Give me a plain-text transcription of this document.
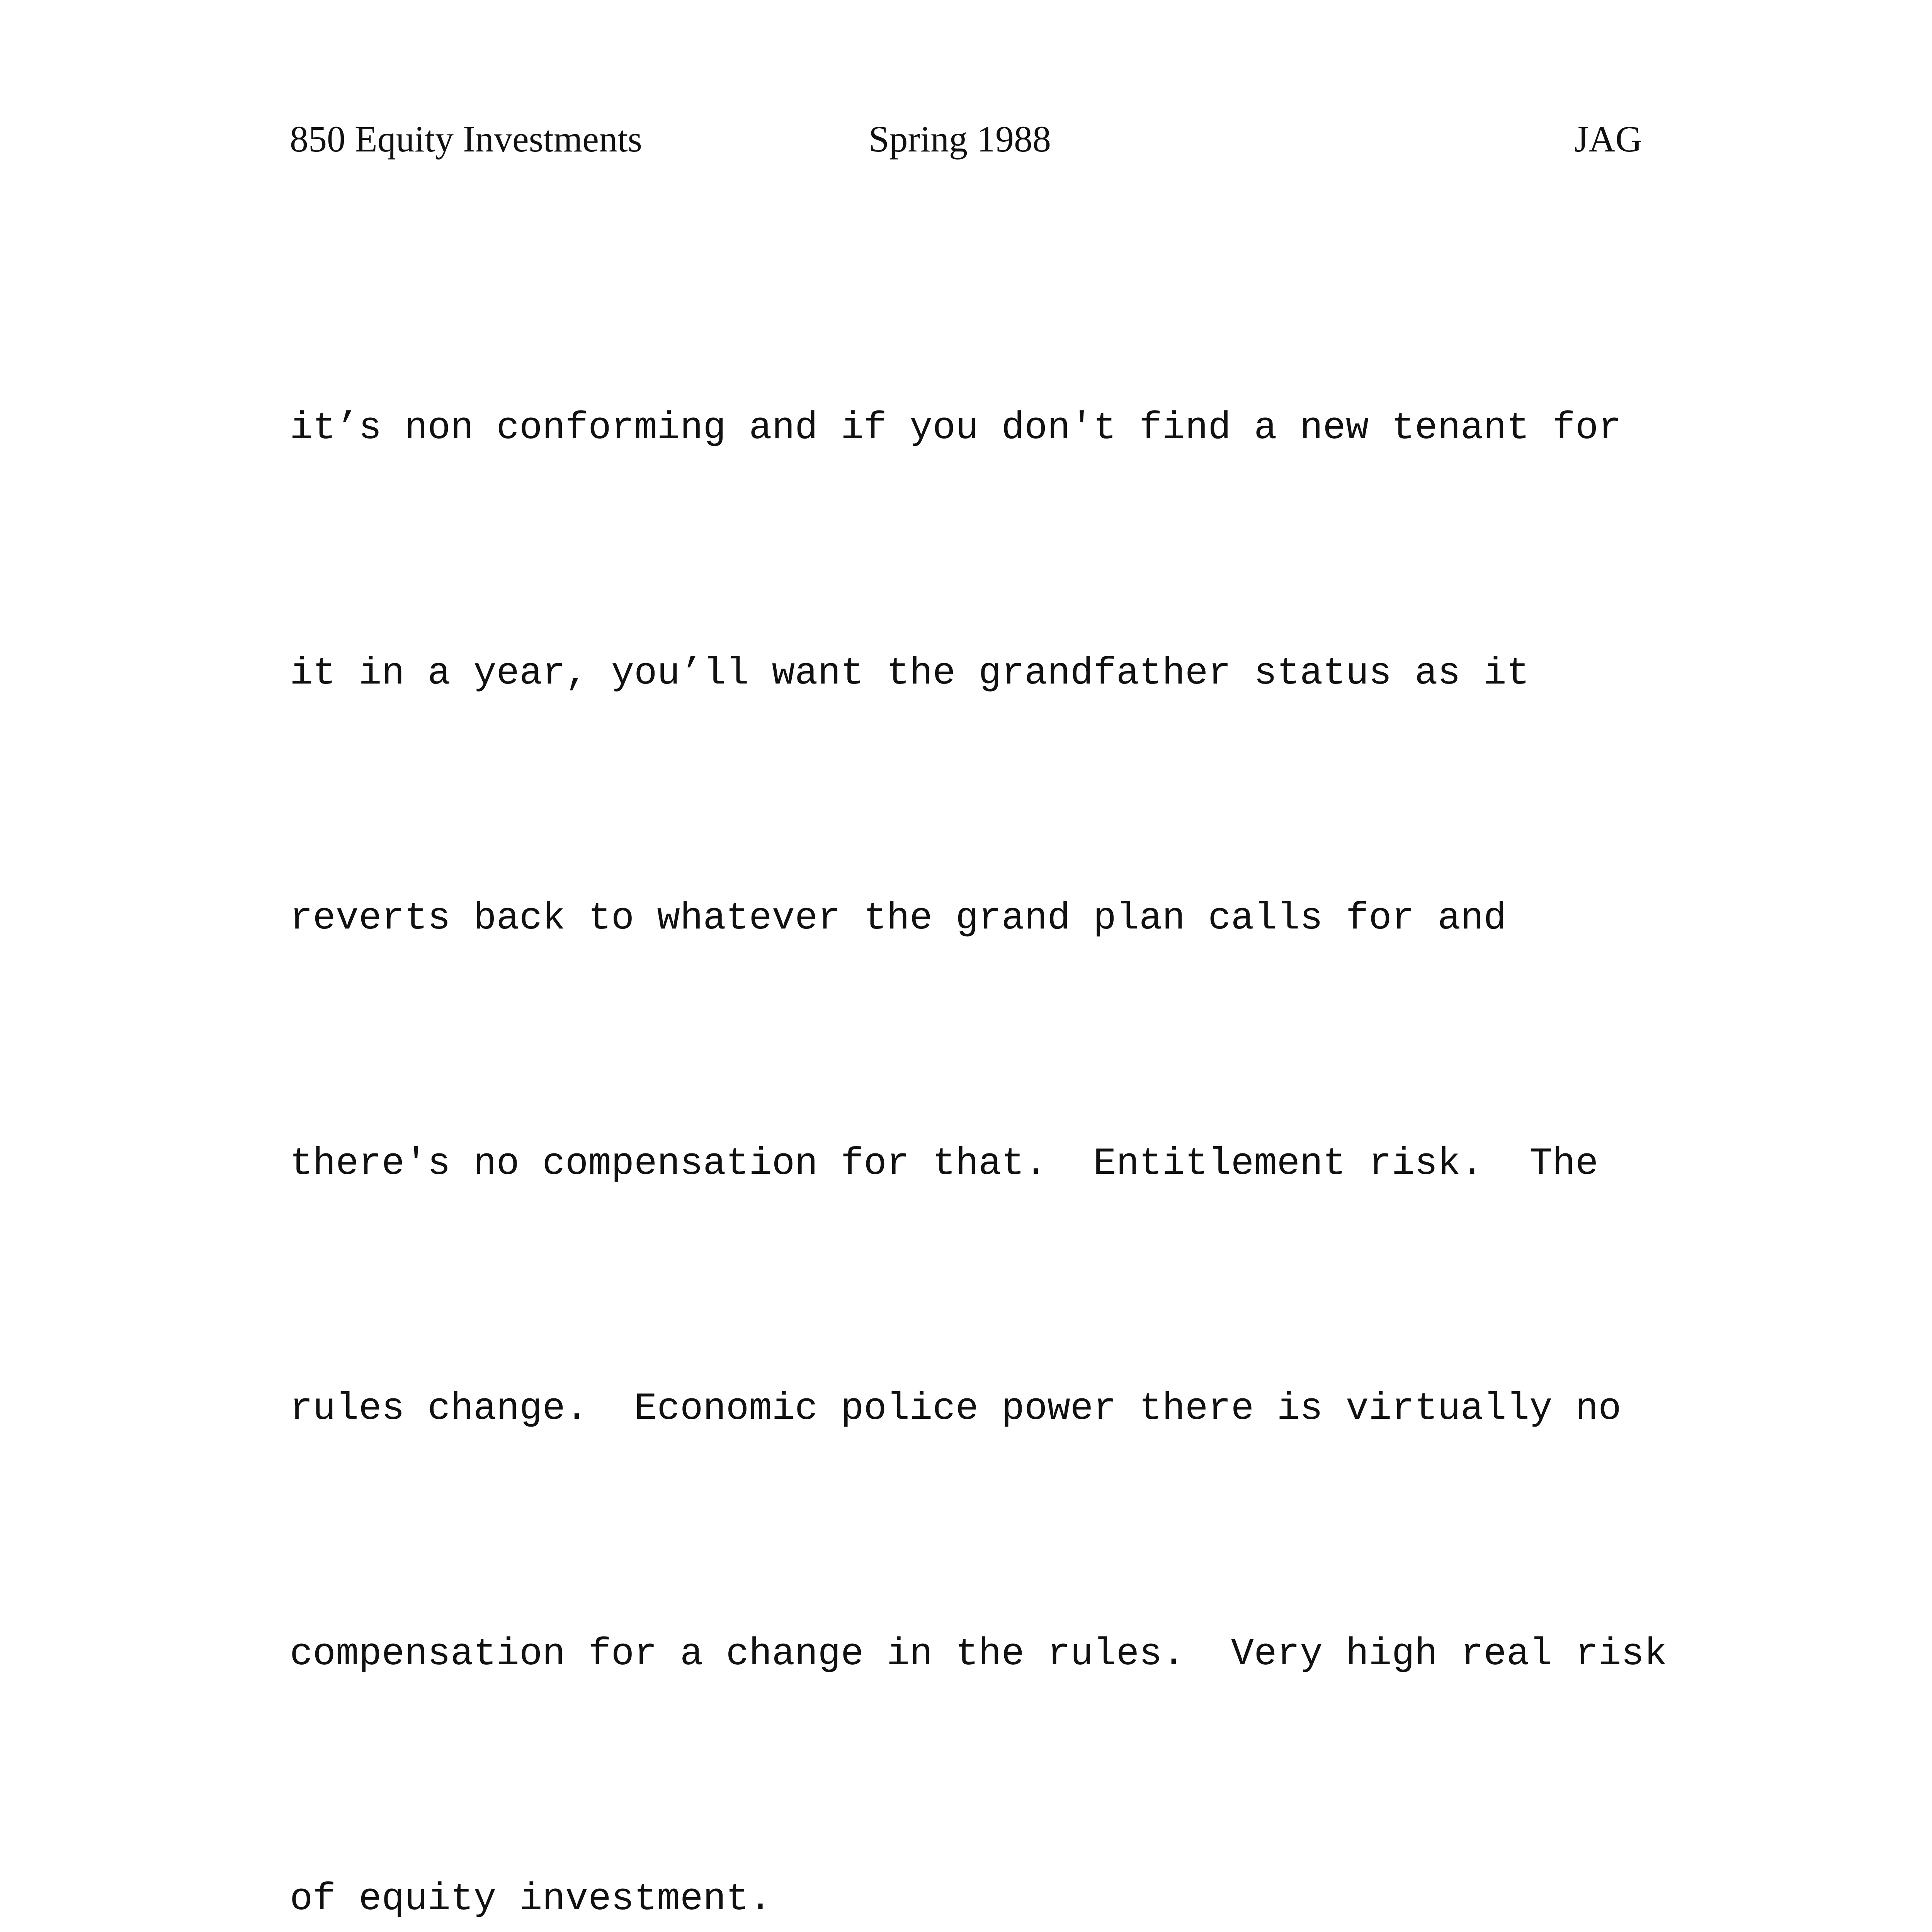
850 Equity Investments	Spring 1988	JAG

it’s non conforming and if you don't find a new tenant for

it in a year, you’ll want the grandfather status as it

reverts back to whatever the grand plan calls for and

there's no compensation for that.  Entitlement risk.  The

rules change.  Economic police power there is virtually no

compensation for a change in the rules.  Very high real risk

of equity investment.
